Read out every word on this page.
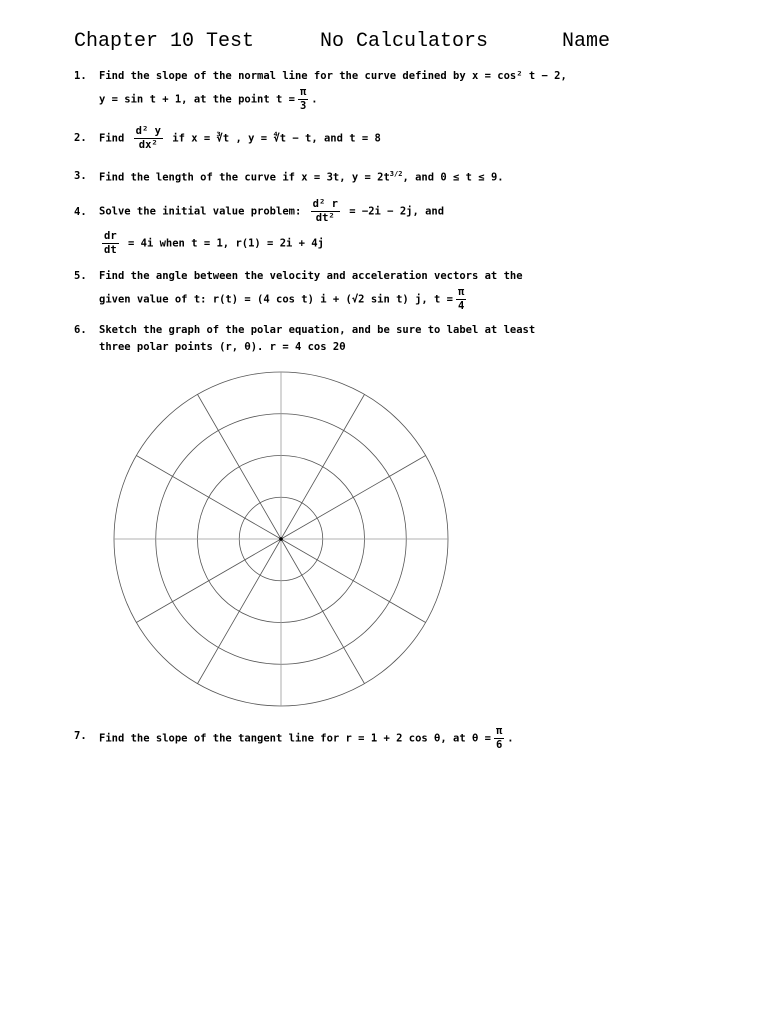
Chapter 10 Test

	No Calculators

	Name

1. Find the slope of the normal line for the curve defined by x = cos² t − 2,
y = sin t + 1, at the point $t = \frac{\pi}{3}$ .
2. Find $\frac{\text{d² y}}{\text{dx²}}$ if x = ∛t , y = ∜t − t, and t = 8
3. Find the length of the curve if x = 3t, $y = 2t^{3/2}$, and 0 ≤ t ≤ 9.
4. Solve the initial value problem: $\frac{\text{d² r}}{\text{dt²}} = -2i - 2j$, and
$\frac{dr}{dt} = 4i$ when t = 1, r(1) = 2i + 4j
5. Find the angle between the velocity and acceleration vectors at the
given value of t: r(t) = (4 cos t) i + (√2 sin t) j, $t = \frac{\pi}{4}$
6. Sketch the graph of the polar equation, and be sure to label at least
three polar points (r, θ). r = 4 cos 2θ
7. Find the slope of the tangent line for r = 1 + 2 cos θ, at $\theta = \frac{\pi}{6}$ .
